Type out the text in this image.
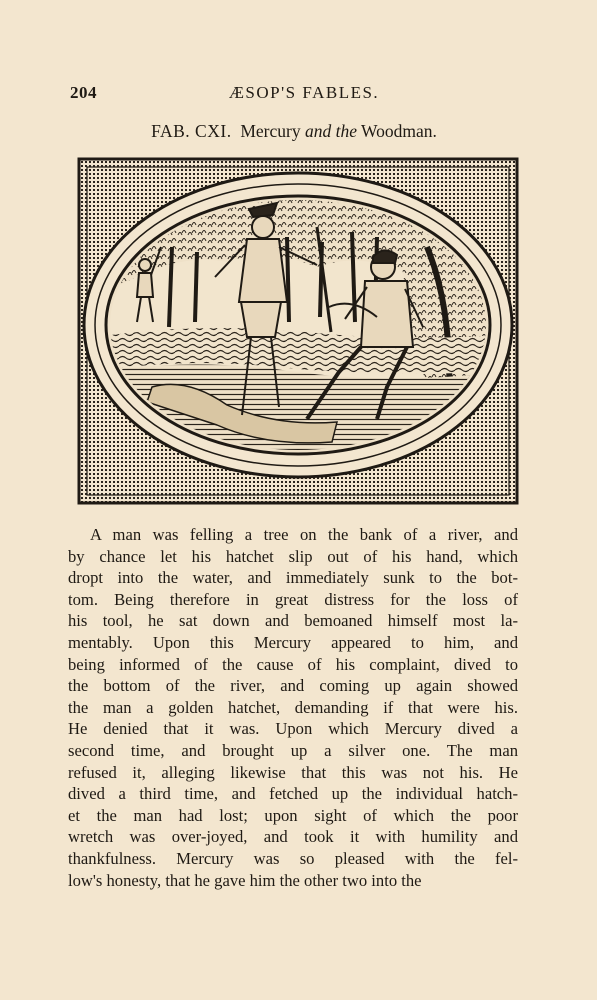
204	ÆSOP'S FABLES.
FAB. CXI. Mercury and the Woodman.
A man was felling a tree on the bank of a river, and
by chance let his hatchet slip out of his hand, which
dropt into the water, and immediately sunk to the bot-
tom. Being therefore in great distress for the loss of
his tool, he sat down and bemoaned himself most la-
mentably. Upon this Mercury appeared to him, and
being informed of the cause of his complaint, dived to
the bottom of the river, and coming up again showed
the man a golden hatchet, demanding if that were his.
He denied that it was. Upon which Mercury dived a
second time, and brought up a silver one. The man
refused it, alleging likewise that this was not his. He
dived a third time, and fetched up the individual hatch-
et the man had lost; upon sight of which the poor
wretch was over-joyed, and took it with humility and
thankfulness. Mercury was so pleased with the fel-
low's honesty, that he gave him the other two into the
